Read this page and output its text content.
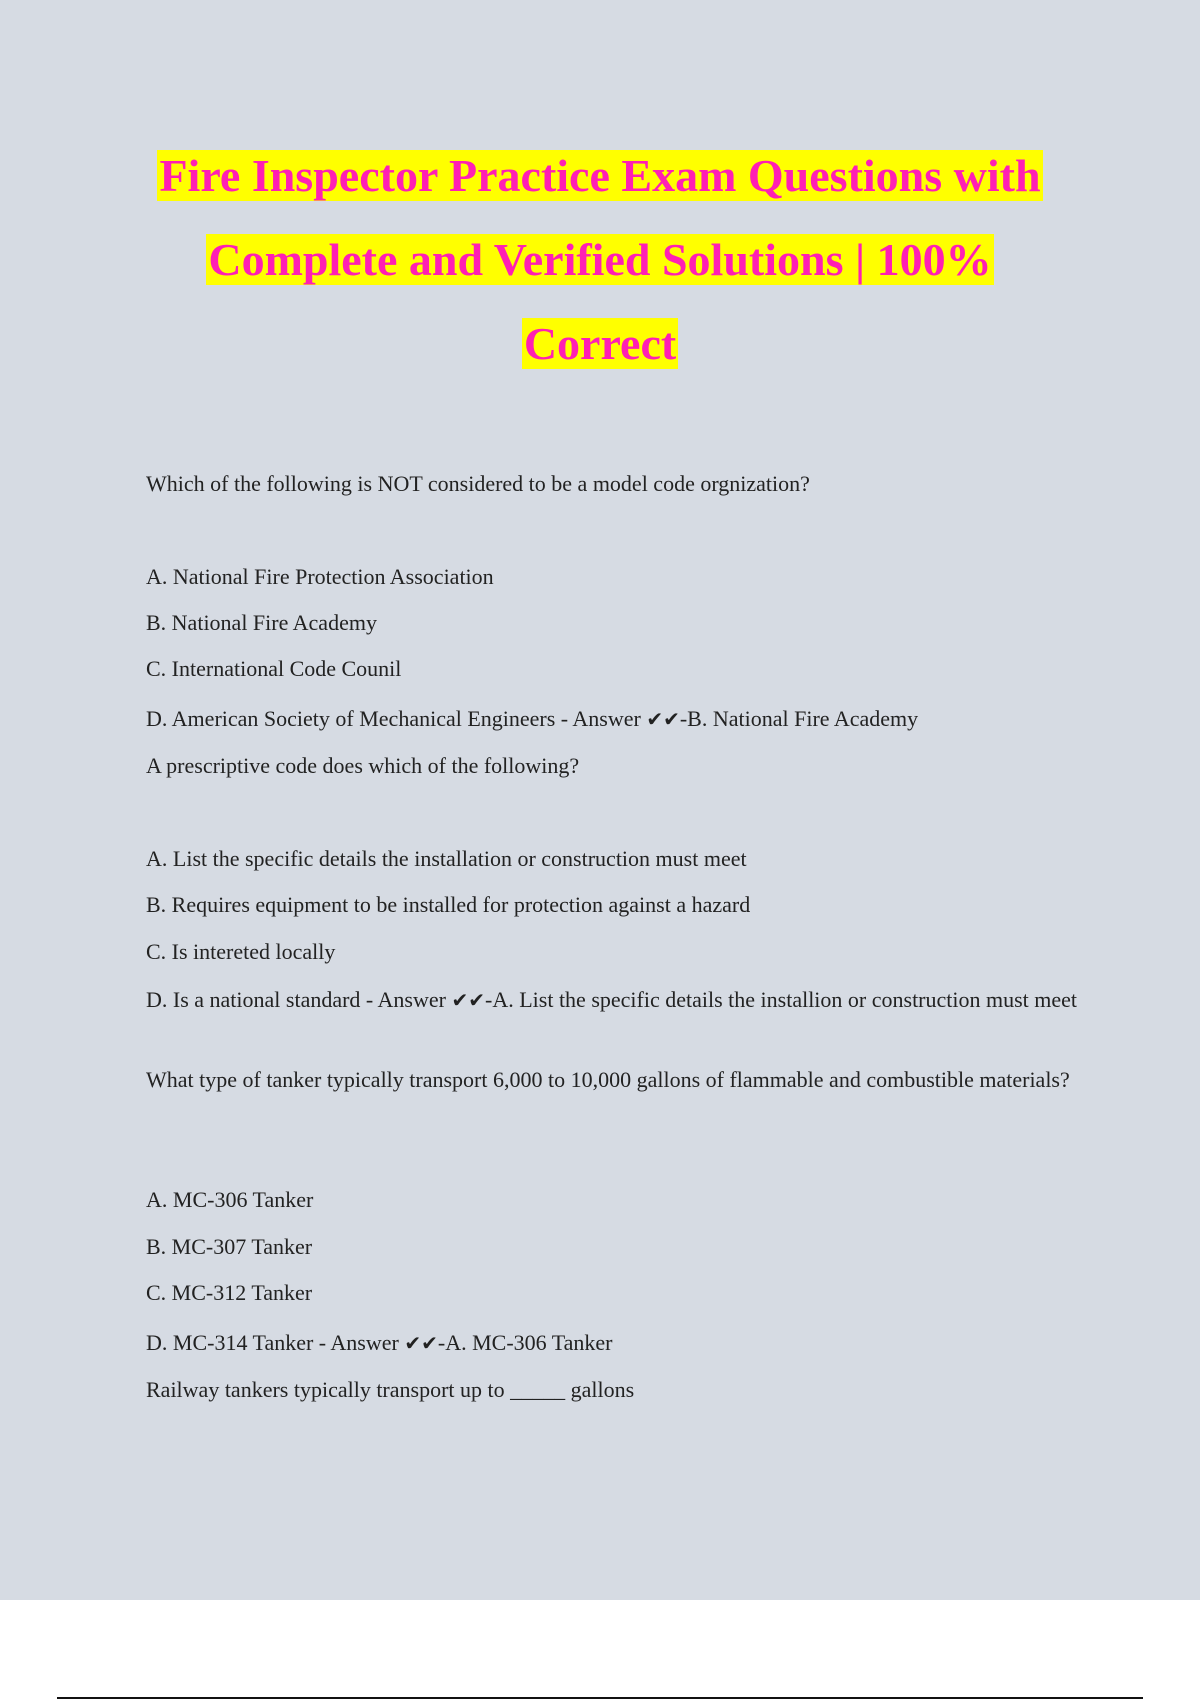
Fire Inspector Practice Exam Questions with
Complete and Verified Solutions | 100%
Correct
Which of the following is NOT considered to be a model code orgnization?
A. National Fire Protection Association
B. National Fire Academy
C. International Code Counil
D. American Society of Mechanical Engineers - Answer ✔✔-B. National Fire Academy
A prescriptive code does which of the following?
A. List the specific details the installation or construction must meet
B. Requires equipment to be installed for protection against a hazard
C. Is intereted locally
D. Is a national standard - Answer ✔✔-A. List the specific details the installion or construction must meet
What type of tanker typically transport 6,000 to 10,000 gallons of flammable and combustible materials?
A. MC-306 Tanker
B. MC-307 Tanker
C. MC-312 Tanker
D. MC-314 Tanker - Answer ✔✔-A. MC-306 Tanker
Railway tankers typically transport up to _____ gallons
